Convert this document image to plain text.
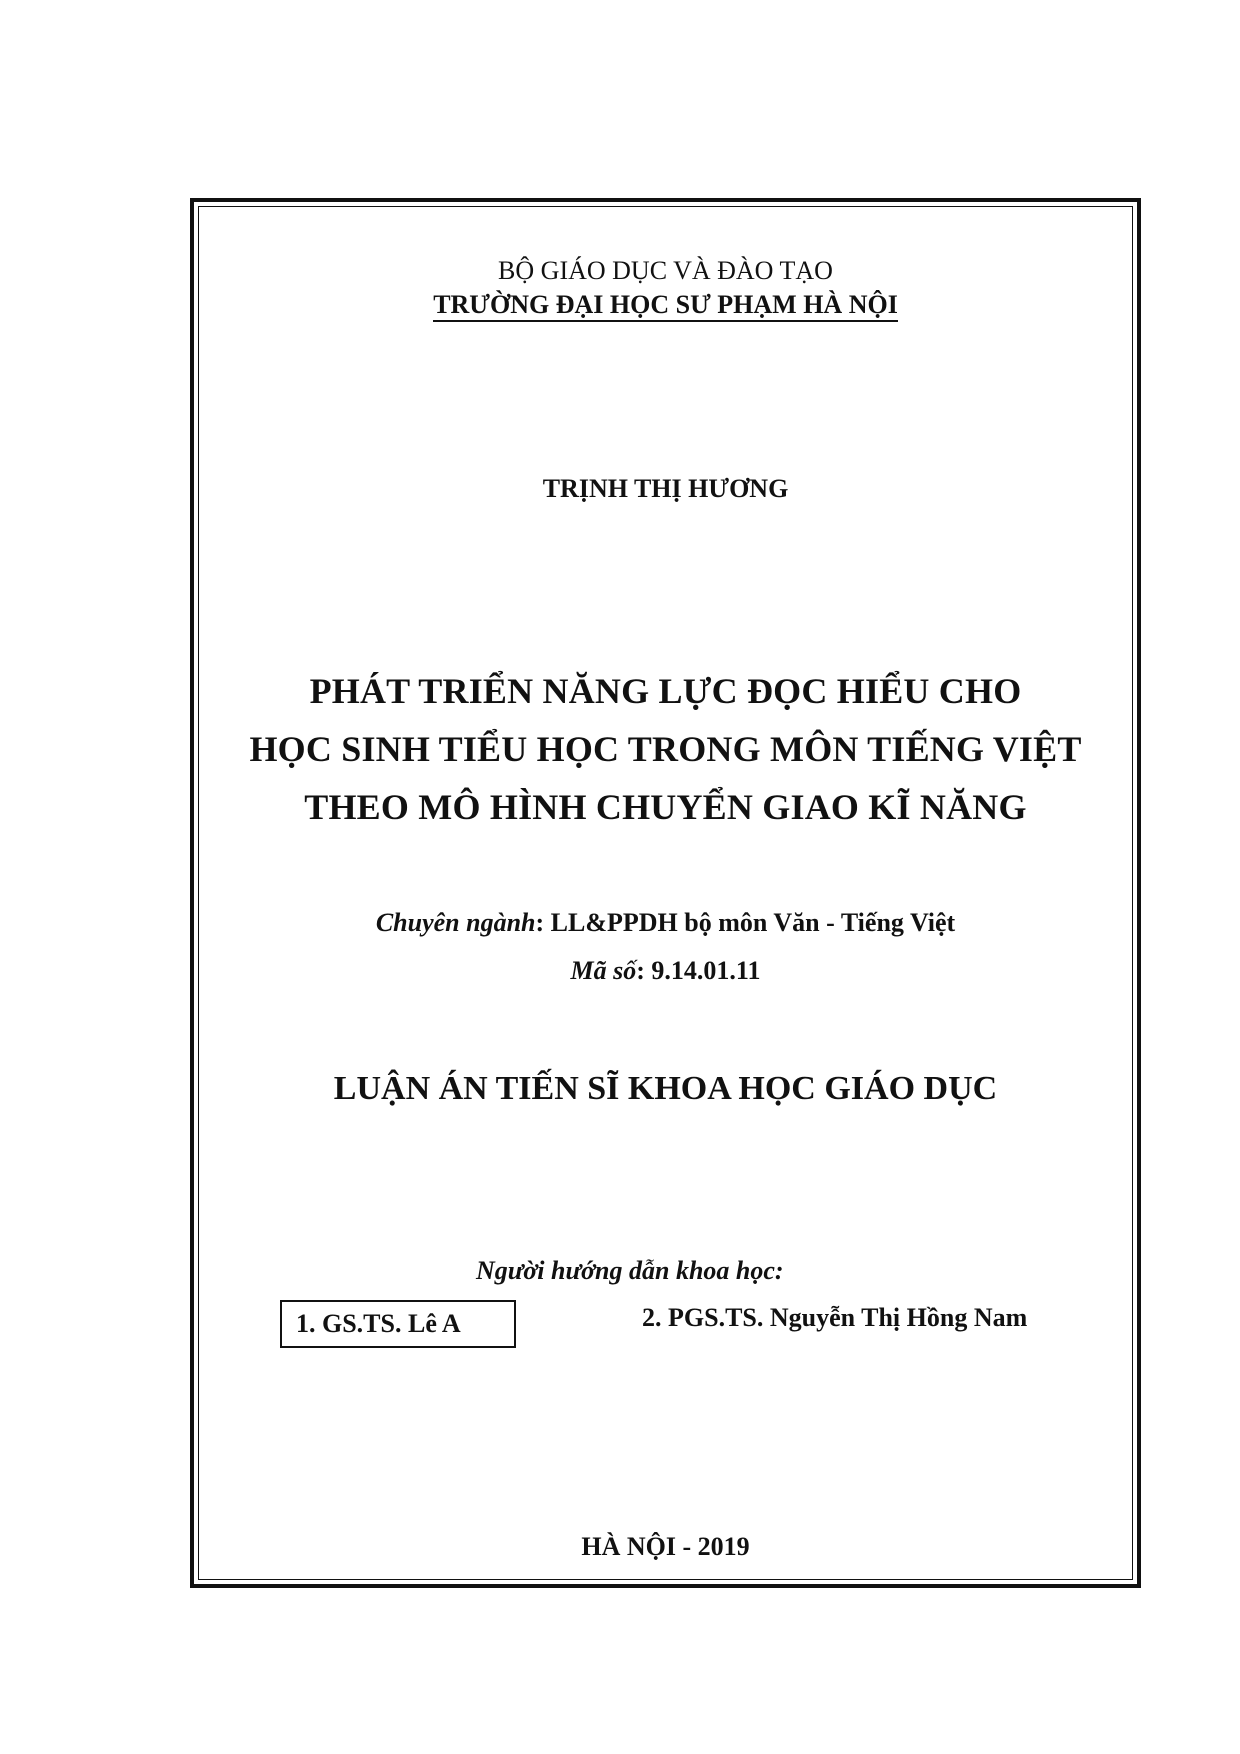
BỘ GIÁO DỤC VÀ ĐÀO TẠO
TRƯỜNG ĐẠI HỌC SƯ PHẠM HÀ NỘI
TRỊNH THỊ HƯƠNG
PHÁT TRIỂN NĂNG LỰC ĐỌC HIỂU CHO
HỌC SINH TIỂU HỌC TRONG MÔN TIẾNG VIỆT
THEO MÔ HÌNH CHUYỂN GIAO KĨ NĂNG
Chuyên ngành: LL&PPDH bộ môn Văn - Tiếng Việt
Mã số: 9.14.01.11
LUẬN ÁN TIẾN SĨ KHOA HỌC GIÁO DỤC
Người hướng dẫn khoa học:
1. GS.TS. Lê A	2. PGS.TS. Nguyễn Thị Hồng Nam
HÀ NỘI - 2019
